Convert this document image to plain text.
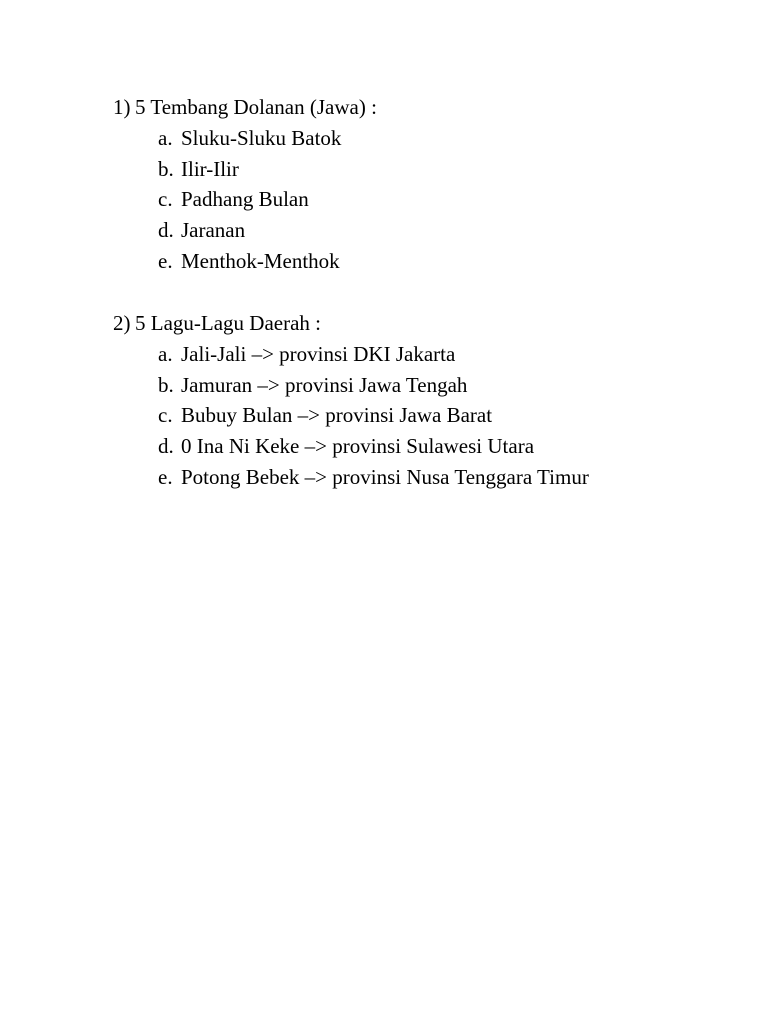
1) 5 Tembang Dolanan (Jawa) :
a. Sluku-Sluku Batok
b. Ilir-Ilir
c. Padhang Bulan
d. Jaranan
e. Menthok-Menthok
2) 5 Lagu-Lagu Daerah :
a. Jali-Jali –> provinsi DKI Jakarta
b. Jamuran –> provinsi Jawa Tengah
c. Bubuy Bulan –> provinsi Jawa Barat
d. 0 Ina Ni Keke –> provinsi Sulawesi Utara
e. Potong Bebek –> provinsi Nusa Tenggara Timur
